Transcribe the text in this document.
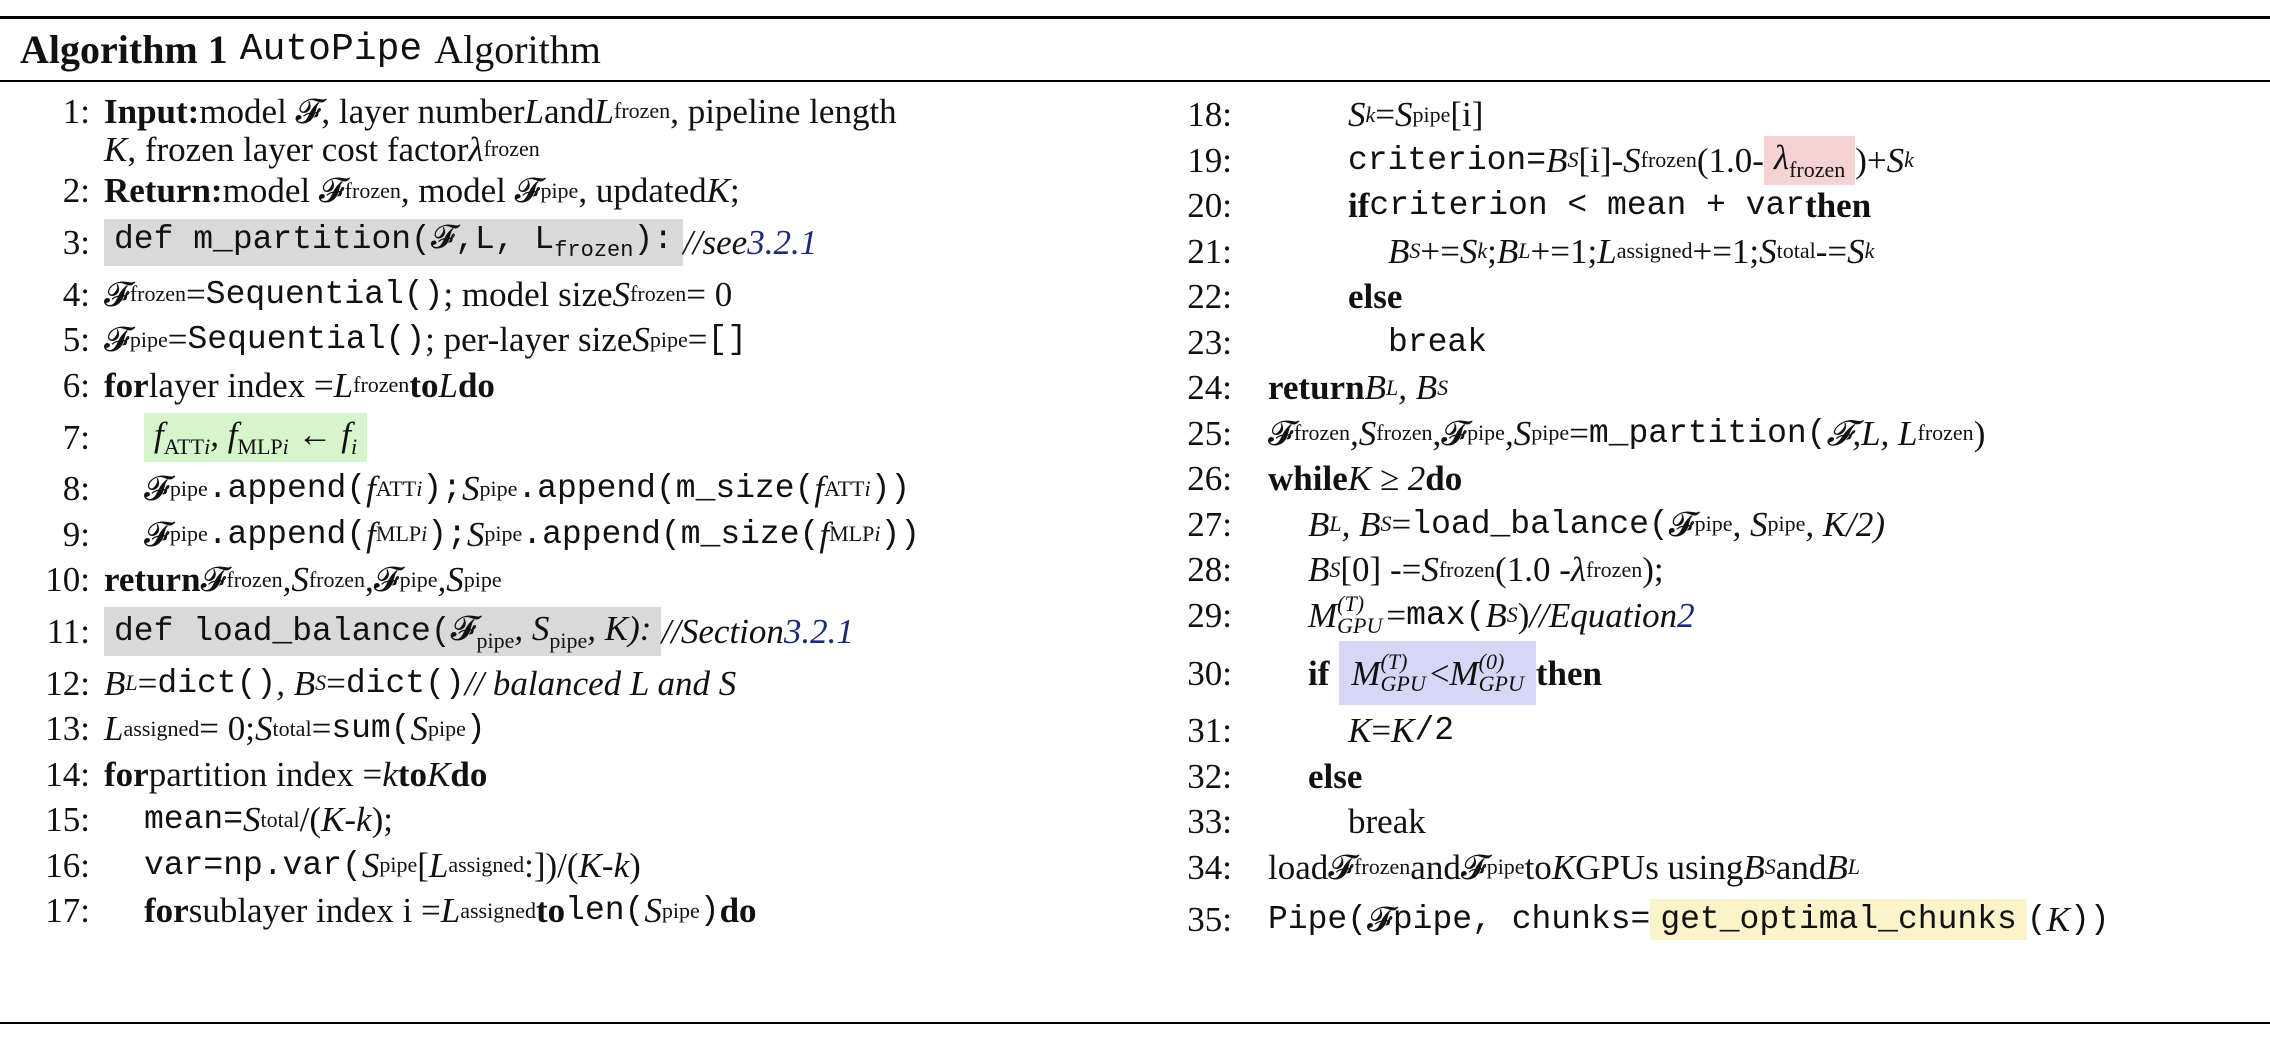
Algorithm 1 AutoPipe Algorithm
1: Input: model 𝓕, layer number L and L frozen , pipeline length
K , frozen layer cost factor λ frozen
2: Return: model 𝓕 frozen , model 𝓕 pipe , updated K ;
3: def m_partition(𝓕,L, $L_{frozen}$): //see 3.2.1
4: 𝓕 frozen = Sequential() ; model size S frozen = 0
5: 𝓕 pipe = Sequential() ; per-layer size S pipe = []
6: for layer index = L frozen to L do
7: $f_{ATTi}$, $f_{MLPi}$ ← $f_i$
8: 𝓕 pipe .append( f ATT i ); S pipe .append(m_size( f ATT i ))
9: 𝓕 pipe .append( f MLP i ); S pipe .append(m_size( f MLP i ))
10: return 𝓕 frozen ,S frozen ,𝓕 pipe ,S pipe
11: def load_balance(𝓕$_{pipe}$, $S_{pipe}$, K): //Section 3.2.1
12: B L = dict() , B S = dict() // balanced L and S
13: L assigned = 0; S total = sum( S pipe )
14: for partition index = k to K do
15: mean= S total /( K - k );
16: var=np.var( S pipe [ L assigned :])/( K - k )
17: for sublayer index i = L assigned to len( S pipe ) do
18:	S k = S pipe [i]
19:	criterion= B S [i]- S frozen (1.0- $\lambda_{frozen}$ )+ S k
20:	if criterion < mean + var then
21:	B S += S k ; B L +=1; L assigned +=1; S total -= S k
22:	else
23:	break
24: return B L , B S
25: 𝓕 frozen ,S frozen ,𝓕 pipe ,S pipe = m_partition( 𝓕,L, L frozen )
26: while K ≥ 2 do
27: B L , B S = load_balance( 𝓕 pipe , S pipe , K/2)
28: B S [0] -= S frozen (1.0 - λ frozen );
29: M (T)
GPU = max( B S ) //Equation 2
30: if M (T)
GPU < M (0)
GPU then
31:	K = K /2
32: else
33:	break
34: load 𝓕 frozen and 𝓕 pipe to K GPUs using B S and B L
35: Pipe( 𝓕 pipe , chunks= get_optimal_chunks ( K ))
